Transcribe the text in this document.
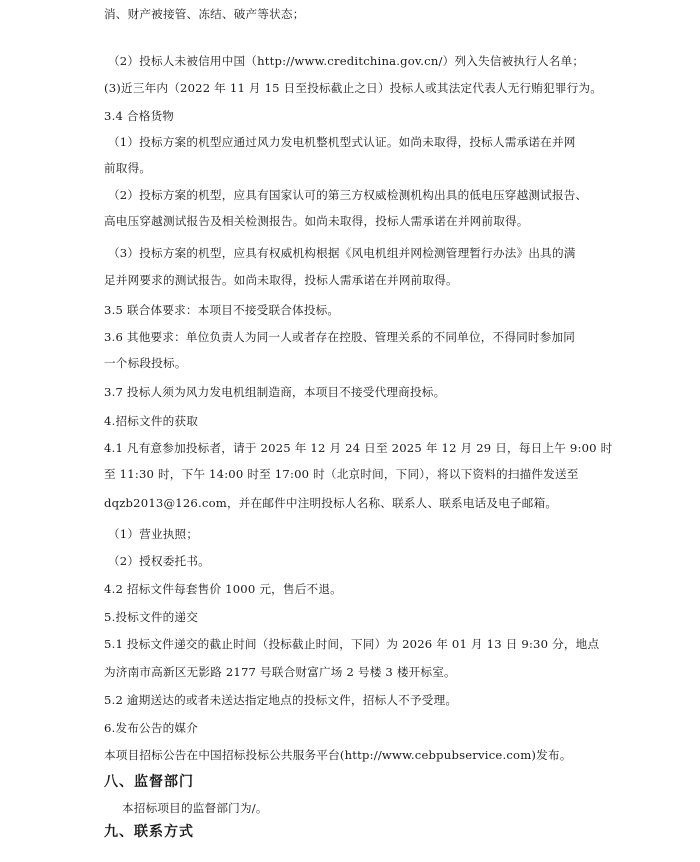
消、财产被接管、冻结、破产等状态；
（2）投标人未被信用中国（http://www.creditchina.gov.cn/）列入失信被执行人名单；
(3)近三年内（2022 年 11 月 15 日至投标截止之日）投标人或其法定代表人无行贿犯罪行为。
3.4 合格货物
（1）投标方案的机型应通过风力发电机整机型式认证。如尚未取得，投标人需承诺在并网
前取得。
（2）投标方案的机型，应具有国家认可的第三方权威检测机构出具的低电压穿越测试报告、
高电压穿越测试报告及相关检测报告。如尚未取得，投标人需承诺在并网前取得。
（3）投标方案的机型，应具有权威机构根据《风电机组并网检测管理暂行办法》出具的满
足并网要求的测试报告。如尚未取得，投标人需承诺在并网前取得。
3.5 联合体要求：本项目不接受联合体投标。
3.6 其他要求：单位负责人为同一人或者存在控股、管理关系的不同单位，不得同时参加同
一个标段投标。
3.7 投标人须为风力发电机组制造商，本项目不接受代理商投标。
4.招标文件的获取
4.1 凡有意参加投标者，请于 2025 年 12 月 24 日至 2025 年 12 月 29 日，每日上午 9:00 时
至 11:30 时，下午 14:00 时至 17:00 时（北京时间，下同），将以下资料的扫描件发送至
dqzb2013@126.com，并在邮件中注明投标人名称、联系人、联系电话及电子邮箱。
（1）营业执照；
（2）授权委托书。
4.2 招标文件每套售价 1000 元，售后不退。
5.投标文件的递交
5.1 投标文件递交的截止时间（投标截止时间，下同）为 2026 年 01 月 13 日 9:30 分，地点
为济南市高新区无影路 2177 号联合财富广场 2 号楼 3 楼开标室。
5.2 逾期送达的或者未送达指定地点的投标文件，招标人不予受理。
6.发布公告的媒介
本项目招标公告在中国招标投标公共服务平台(http://www.cebpubservice.com)发布。
八、监督部门
本招标项目的监督部门为/。
九、联系方式
